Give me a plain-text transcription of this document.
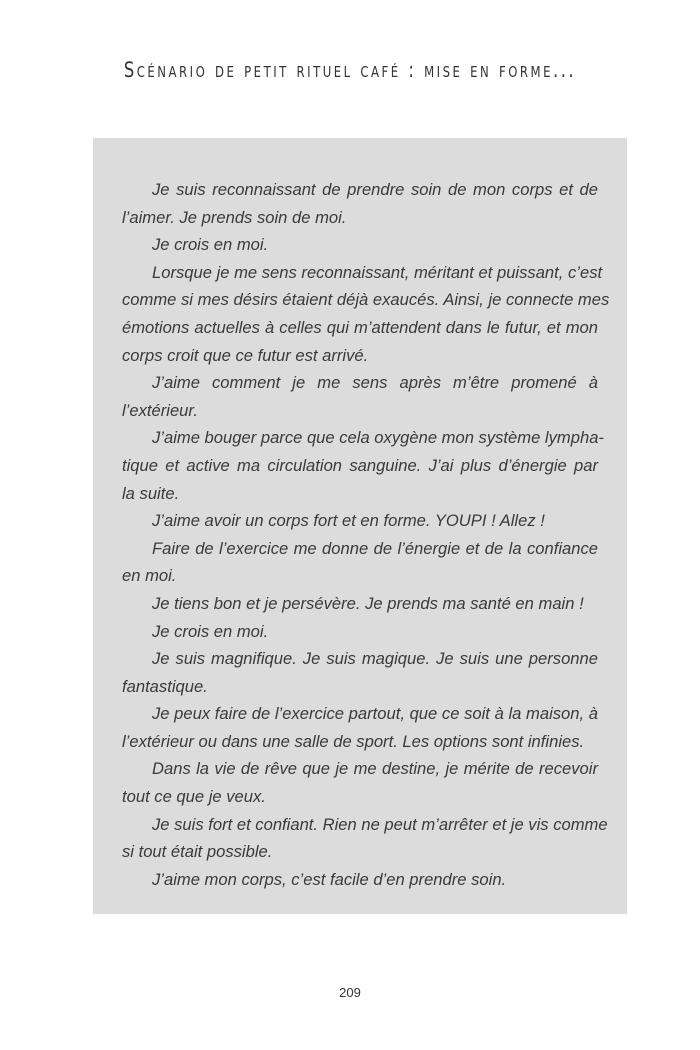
Scénario de petit rituel café : mise en forme...
Je suis reconnaissant de prendre soin de mon corps et de
l’aimer. Je prends soin de moi.
Je crois en moi.
Lorsque je me sens reconnaissant, méritant et puissant, c’est
comme si mes désirs étaient déjà exaucés. Ainsi, je connecte mes
émotions actuelles à celles qui m’attendent dans le futur, et mon
corps croit que ce futur est arrivé.
J’aime comment je me sens après m’être promené à
l’extérieur.
J’aime bouger parce que cela oxygène mon système lympha-
tique et active ma circulation sanguine. J’ai plus d’énergie par
la suite.
J’aime avoir un corps fort et en forme. YOUPI ! Allez !
Faire de l’exercice me donne de l’énergie et de la confiance
en moi.
Je tiens bon et je persévère. Je prends ma santé en main !
Je crois en moi.
Je suis magnifique. Je suis magique. Je suis une personne
fantastique.
Je peux faire de l’exercice partout, que ce soit à la maison, à
l’extérieur ou dans une salle de sport. Les options sont infinies.
Dans la vie de rêve que je me destine, je mérite de recevoir
tout ce que je veux.
Je suis fort et confiant. Rien ne peut m’arrêter et je vis comme
si tout était possible.
J’aime mon corps, c’est facile d’en prendre soin.
209
